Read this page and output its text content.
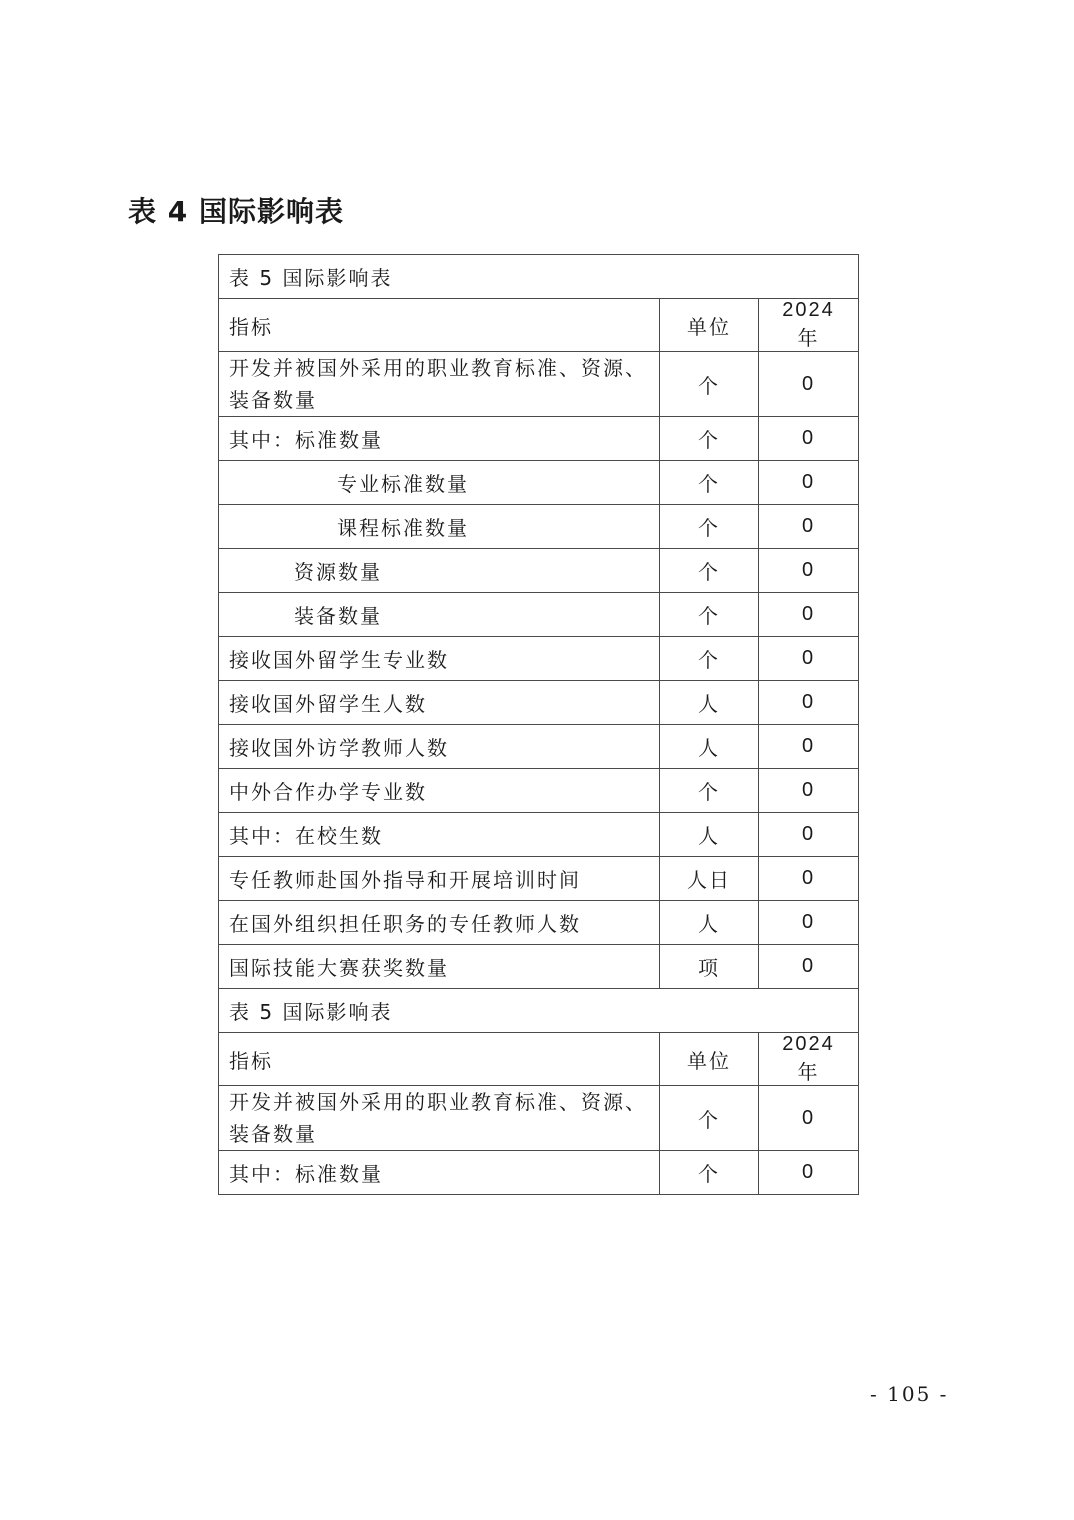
表 4 国际影响表
表 5 国际影响表		
指标	单位	2024 年
开发并被国外采用的职业教育标准、资源、装备数量	个	0
其中：标准数量	个	0
专业标准数量	个	0
课程标准数量	个	0
资源数量	个	0
装备数量	个	0
接收国外留学生专业数	个	0
接收国外留学生人数	人	0
接收国外访学教师人数	人	0
中外合作办学专业数	个	0
其中：在校生数	人	0
专任教师赴国外指导和开展培训时间	人日	0
在国外组织担任职务的专任教师人数	人	0
国际技能大赛获奖数量	项	0
表 5 国际影响表		
指标	单位	2024 年
开发并被国外采用的职业教育标准、资源、装备数量	个	0
其中：标准数量	个	0
- 105 -
